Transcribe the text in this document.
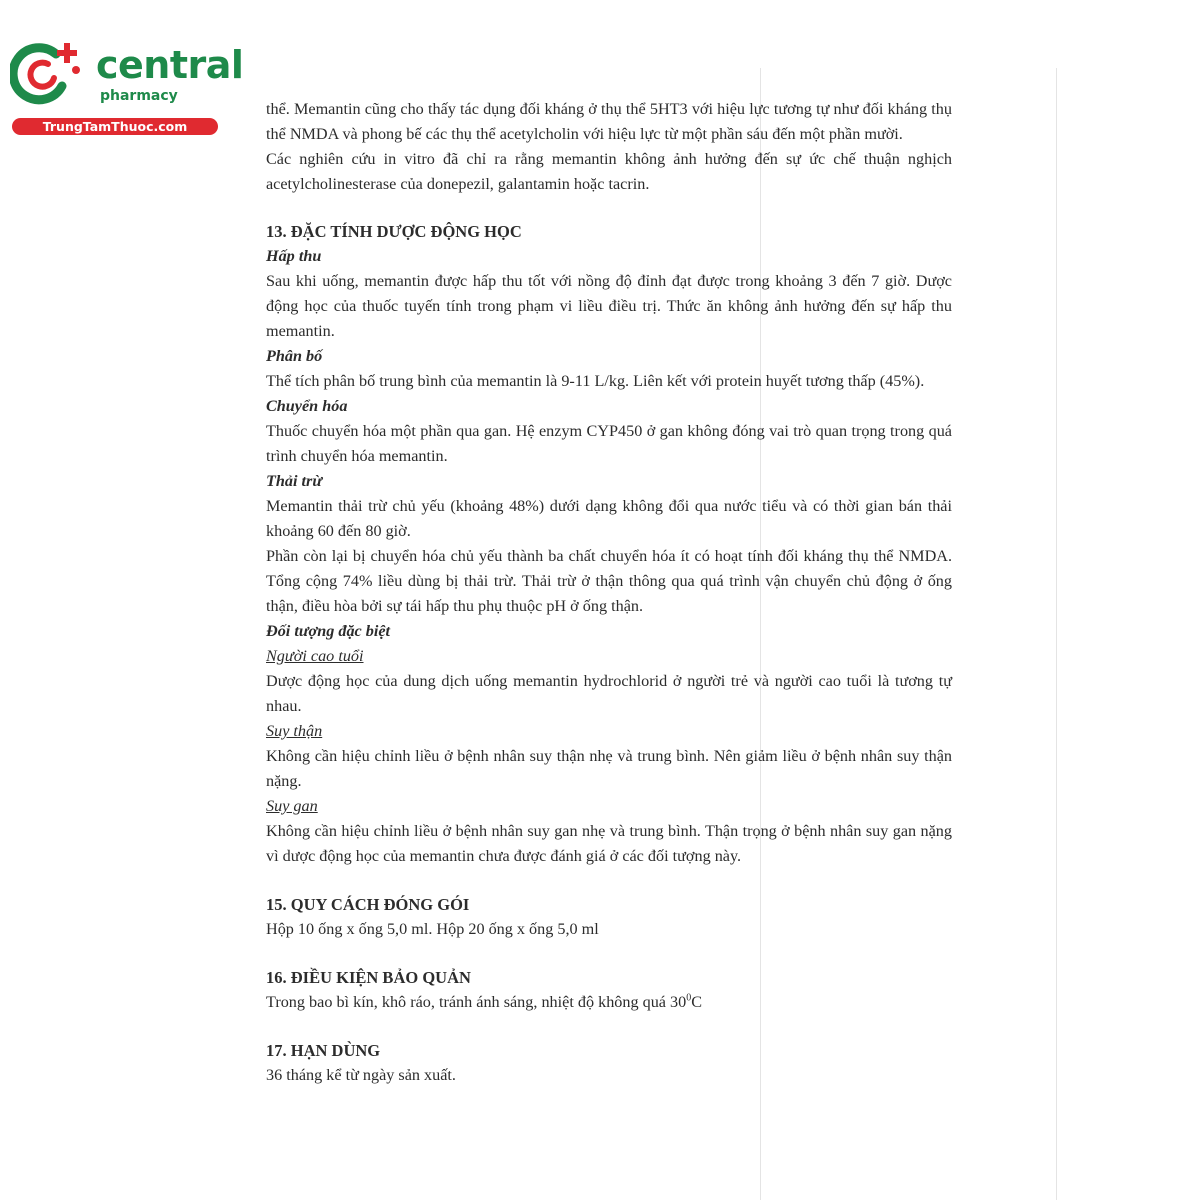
central
pharmacy
TrungTamThuoc.com

thể. Memantin cũng cho thấy tác dụng đối kháng ở thụ thể 5HT3 với hiệu lực tương tự như đối kháng thụ thể NMDA và phong bế các thụ thể acetylcholin với hiệu lực từ một phần sáu đến một phần mười.

Các nghiên cứu in vitro đã chỉ ra rằng memantin không ảnh hưởng đến sự ức chế thuận nghịch acetylcholinesterase của donepezil, galantamin hoặc tacrin.

13. ĐẶC TÍNH DƯỢC ĐỘNG HỌC
Hấp thu

Sau khi uống, memantin được hấp thu tốt với nồng độ đỉnh đạt được trong khoảng 3 đến 7 giờ. Dược động học của thuốc tuyến tính trong phạm vi liều điều trị. Thức ăn không ảnh hưởng đến sự hấp thu memantin.

Phân bố

Thể tích phân bố trung bình của memantin là 9-11 L/kg. Liên kết với protein huyết tương thấp (45%).

Chuyển hóa

Thuốc chuyển hóa một phần qua gan. Hệ enzym CYP450 ở gan không đóng vai trò quan trọng trong quá trình chuyển hóa memantin.

Thải trừ

Memantin thải trừ chủ yếu (khoảng 48%) dưới dạng không đổi qua nước tiểu và có thời gian bán thải khoảng 60 đến 80 giờ.

Phần còn lại bị chuyển hóa chủ yếu thành ba chất chuyển hóa ít có hoạt tính đối kháng thụ thể NMDA. Tổng cộng 74% liều dùng bị thải trừ. Thải trừ ở thận thông qua quá trình vận chuyển chủ động ở ống thận, điều hòa bởi sự tái hấp thu phụ thuộc pH ở ống thận.

Đối tượng đặc biệt
Người cao tuổi

Dược động học của dung dịch uống memantin hydrochlorid ở người trẻ và người cao tuổi là tương tự nhau.

Suy thận

Không cần hiệu chỉnh liều ở bệnh nhân suy thận nhẹ và trung bình. Nên giảm liều ở bệnh nhân suy thận nặng.

Suy gan

Không cần hiệu chỉnh liều ở bệnh nhân suy gan nhẹ và trung bình. Thận trọng ở bệnh nhân suy gan nặng vì dược động học của memantin chưa được đánh giá ở các đối tượng này.

15. QUY CÁCH ĐÓNG GÓI

Hộp 10 ống x ống 5,0 ml. Hộp 20 ống x ống 5,0 ml

16. ĐIỀU KIỆN BẢO QUẢN

Trong bao bì kín, khô ráo, tránh ánh sáng, nhiệt độ không quá $30^0C$

17. HẠN DÙNG

36 tháng kể từ ngày sản xuất.
